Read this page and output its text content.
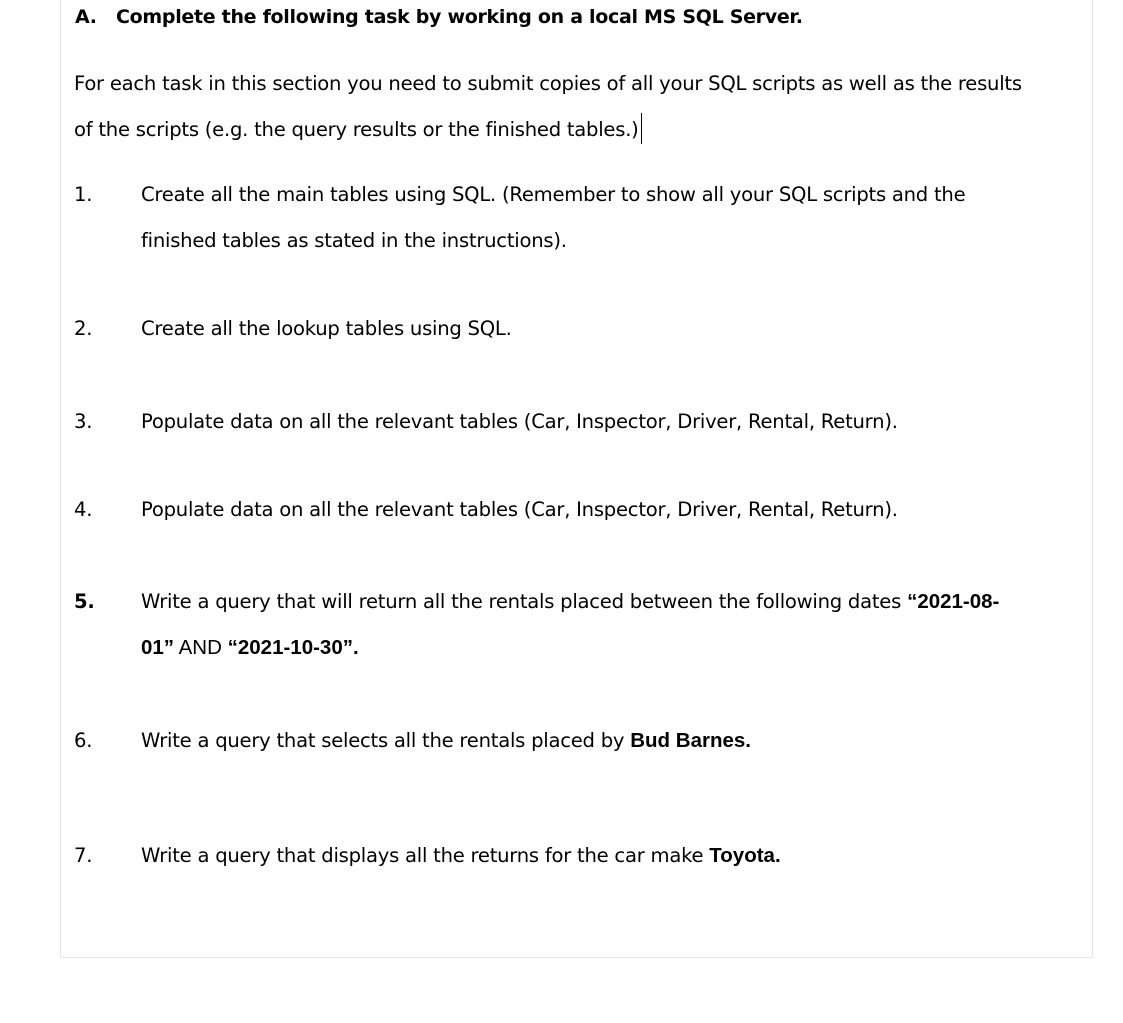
A. Complete the following task by working on a local MS SQL Server.
For each task in this section you need to submit copies of all your SQL scripts as well as the results
of the scripts (e.g. the query results or the finished tables.)
1. Create all the main tables using SQL. (Remember to show all your SQL scripts and the
finished tables as stated in the instructions).
2. Create all the lookup tables using SQL.
3. Populate data on all the relevant tables (Car, Inspector, Driver, Rental, Return).
4. Populate data on all the relevant tables (Car, Inspector, Driver, Rental, Return).
5. Write a query that will return all the rentals placed between the following dates “2021-08-
01” AND “2021-10-30”.
6. Write a query that selects all the rentals placed by Bud Barnes.
7. Write a query that displays all the returns for the car make Toyota.
